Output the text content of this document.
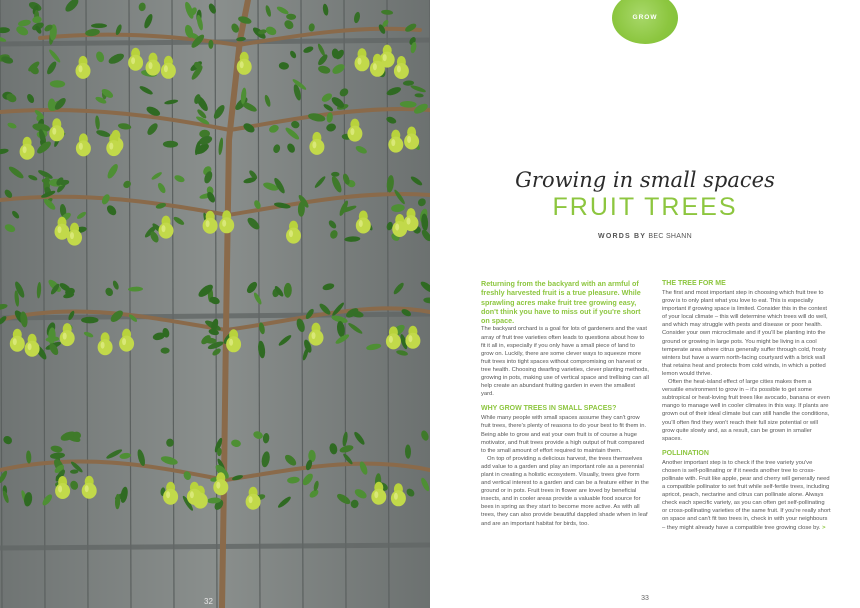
32
GROW
Growing in small spaces
FRUIT TREES
WORDS BY BEC SHANN

Returning from the backyard with an armful of freshly harvested fruit is a true pleasure. While sprawling acres make fruit tree growing easy, don't think you have to miss out if you're short on space.

The backyard orchard is a goal for lots of gardeners and the vast array of fruit tree varieties often leads to questions about how to fit it all in, especially if you only have a small piece of land to grow on. Luckily, there are some clever ways to squeeze more fruit trees into tight spaces without compromising on harvest or tree health. Choosing dwarfing varieties, clever planting methods, growing in pots, making use of vertical space and trellising can all help create an abundant fruiting garden in even the smallest yard.

WHY GROW TREES IN SMALL SPACES?

While many people with small spaces assume they can't grow fruit trees, there's plenty of reasons to do your best to fit them in. Being able to grow and eat your own fruit is of course a huge motivator, and fruit trees provide a high output of fruit compared to the small amount of effort required to maintain them.

On top of providing a delicious harvest, the trees themselves add value to a garden and play an important role as a perennial plant in creating a holistic ecosystem. Visually, trees give form and vertical interest to a garden and can be a feature either in the ground or in pots. Fruit trees in flower are loved by beneficial insects, and in cooler areas provide a valuable food source for bees in spring as they start to become more active. As with all trees, they can also provide beautiful dappled shade when in leaf and are an important habitat for birds, too.

THE TREE FOR ME

The first and most important step in choosing which fruit tree to grow is to only plant what you love to eat. This is especially important if growing space is limited. Consider this in the context of your local climate – this will determine which trees will do well, and which may struggle with pests and disease or poor health. Consider your own microclimate and if you'll be planting into the ground or growing in large pots. You might be living in a cool temperate area where citrus generally suffer through cold, frosty winters but have a warm north-facing courtyard with a brick wall that retains heat and protects from cold winds, in which a potted lemon would thrive.

Often the heat-island effect of large cities makes them a versatile environment to grow in – it's possible to get some subtropical or heat-loving fruit trees like avocado, banana or even mango to manage well in cooler climates in this way. If plants are grown out of their ideal climate but can still handle the conditions, you'll often find they won't reach their full size potential or will grow quite slowly and, as a result, can be grown in smaller spaces.

POLLINATION

Another important step is to check if the tree variety you've chosen is self-pollinating or if it needs another tree to cross-pollinate with. Fruit like apple, pear and cherry will generally need a compatible pollinator to set fruit while self-fertile trees, including apricot, peach, nectarine and citrus can pollinate alone. Always check each specific variety, as you can often get self-pollinating or cross-pollinating varieties of the same fruit. If you're really short on space and can't fit two trees in, check in with your neighbours – they might already have a compatible tree growing close by. >

33
